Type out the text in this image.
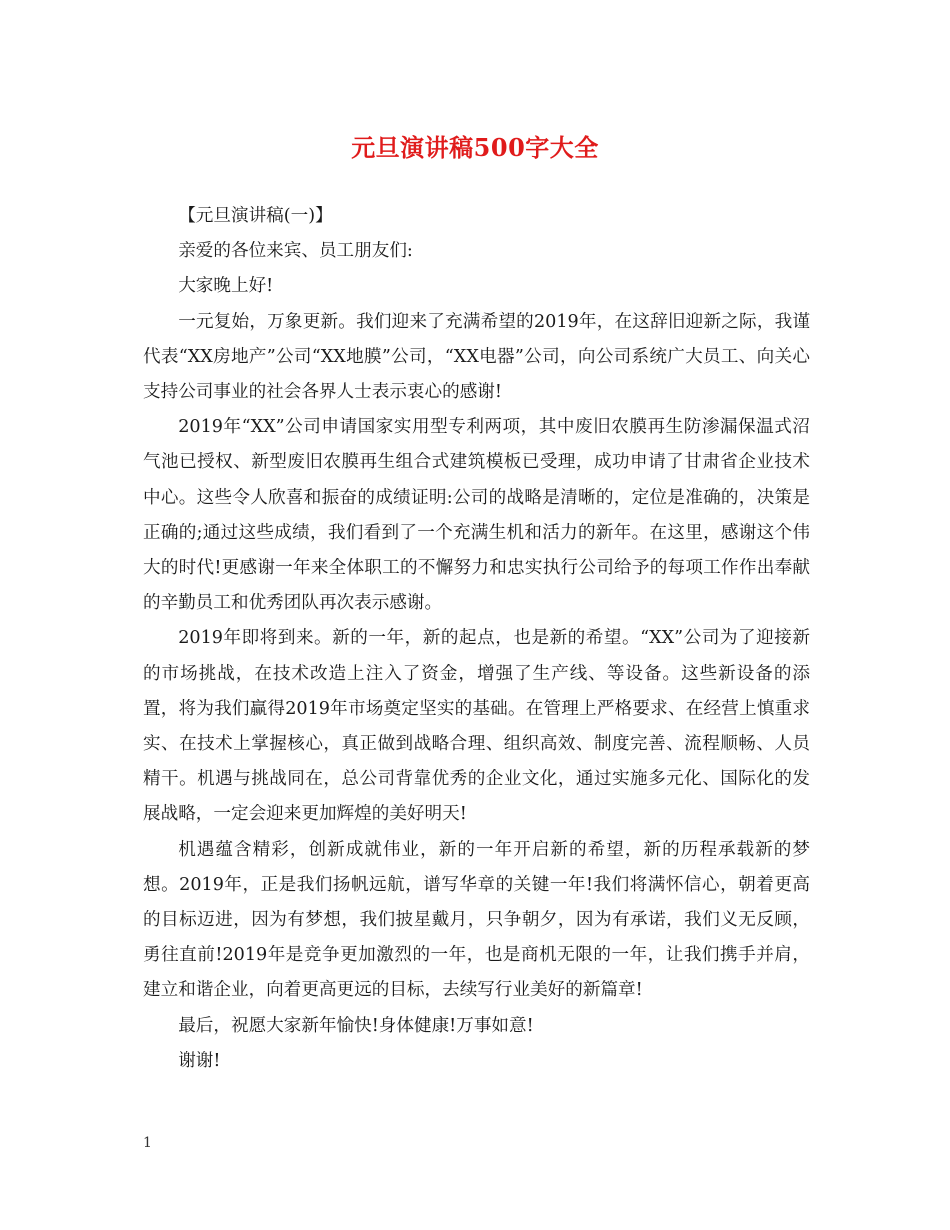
元旦演讲稿500字大全

【元旦演讲稿(一)】

亲爱的各位来宾、员工朋友们:

大家晚上好!

一元复始，万象更新。我们迎来了充满希望的2019年，在这辞旧迎新之际，我谨代表“XX房地产”公司“XX地膜”公司，“XX电器”公司，向公司系统广大员工、向关心支持公司事业的社会各界人士表示衷心的感谢!

2019年“XX”公司申请国家实用型专利两项，其中废旧农膜再生防渗漏保温式沼气池已授权、新型废旧农膜再生组合式建筑模板已受理，成功申请了甘肃省企业技术中心。这些令人欣喜和振奋的成绩证明:公司的战略是清晰的，定位是准确的，决策是正确的;通过这些成绩，我们看到了一个充满生机和活力的新年。在这里，感谢这个伟大的时代!更感谢一年来全体职工的不懈努力和忠实执行公司给予的每项工作作出奉献的辛勤员工和优秀团队再次表示感谢。

2019年即将到来。新的一年，新的起点，也是新的希望。“XX”公司为了迎接新的市场挑战，在技术改造上注入了资金，增强了生产线、等设备。这些新设备的添置，将为我们赢得2019年市场奠定坚实的基础。在管理上严格要求、在经营上慎重求实、在技术上掌握核心，真正做到战略合理、组织高效、制度完善、流程顺畅、人员精干。机遇与挑战同在，总公司背靠优秀的企业文化，通过实施多元化、国际化的发展战略，一定会迎来更加辉煌的美好明天!

机遇蕴含精彩，创新成就伟业，新的一年开启新的希望，新的历程承载新的梦想。2019年，正是我们扬帆远航，谱写华章的关键一年!我们将满怀信心，朝着更高的目标迈进，因为有梦想，我们披星戴月，只争朝夕，因为有承诺，我们义无反顾，勇往直前!2019年是竞争更加激烈的一年，也是商机无限的一年，让我们携手并肩，建立和谐企业，向着更高更远的目标，去续写行业美好的新篇章!

最后，祝愿大家新年愉快!身体健康!万事如意!

谢谢!

1
